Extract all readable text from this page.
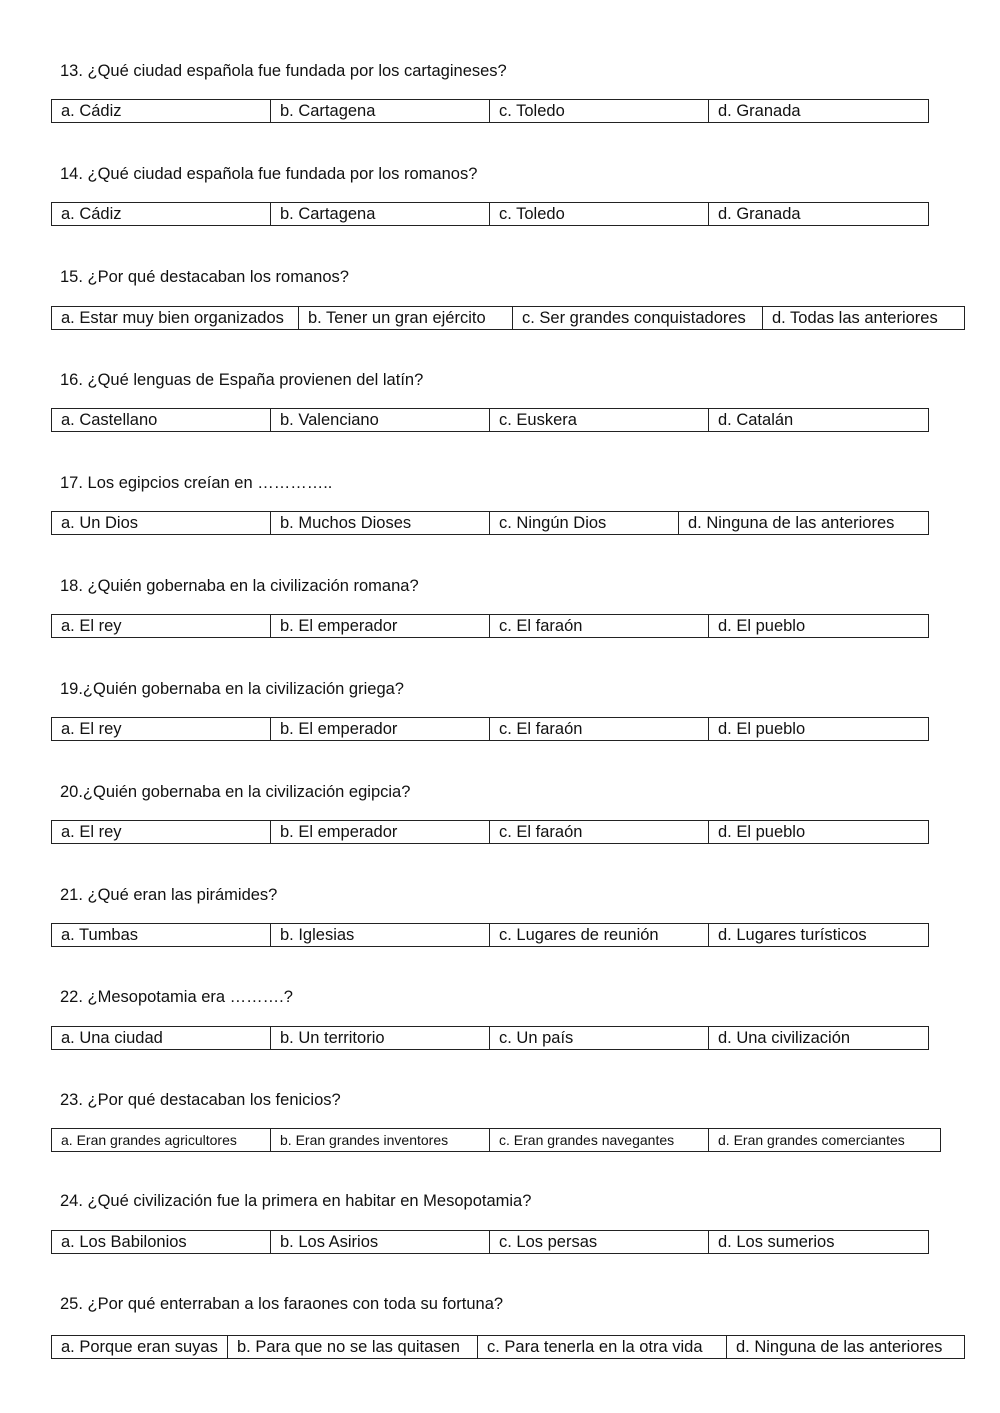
13. ¿Qué ciudad española fue fundada por los cartagineses?
a. Cádiz	b. Cartagena	c. Toledo	d. Granada
14. ¿Qué ciudad española fue fundada por los romanos?
a. Cádiz	b. Cartagena	c. Toledo	d. Granada
15. ¿Por qué destacaban los romanos?
a. Estar muy bien organizados	b. Tener un gran ejército	c. Ser grandes conquistadores	d. Todas las anteriores
16. ¿Qué lenguas de España provienen del latín?
a. Castellano	b. Valenciano	c. Euskera	d. Catalán
17. Los egipcios creían en …………..
a. Un Dios	b. Muchos Dioses	c. Ningún Dios	d. Ninguna de las anteriores
18. ¿Quién gobernaba en la civilización romana?
a. El rey	b. El emperador	c. El faraón	d. El pueblo
19.¿Quién gobernaba en la civilización griega?
a. El rey	b. El emperador	c. El faraón	d. El pueblo
20.¿Quién gobernaba en la civilización egipcia?
a. El rey	b. El emperador	c. El faraón	d. El pueblo
21. ¿Qué eran las pirámides?
a. Tumbas	b. Iglesias	c. Lugares de reunión	d. Lugares turísticos
22. ¿Mesopotamia era ……….?
a. Una ciudad	b. Un territorio	c. Un país	d. Una civilización
23. ¿Por qué destacaban los fenicios?
a. Eran grandes agricultores	b. Eran grandes inventores	c. Eran grandes navegantes	d. Eran grandes comerciantes
24. ¿Qué civilización fue la primera en habitar en Mesopotamia?
a. Los Babilonios	b. Los Asirios	c. Los persas	d. Los sumerios
25. ¿Por qué enterraban a los faraones con toda su fortuna?
a. Porque eran suyas	b. Para que no se las quitasen	c. Para tenerla en la otra vida	d. Ninguna de las anteriores
